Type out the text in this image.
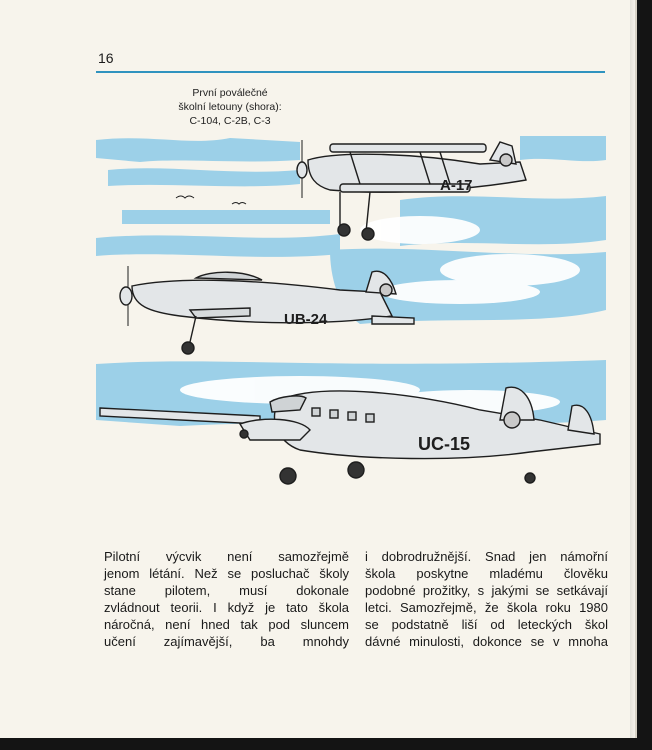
16
První poválečné
školní letouny (shora):
C-104, C-2B, C-3
A-17
UB-24
UC-15
Pilotní výcvik není samozřejmě
jenom létání. Než se posluchač školy
stane pilotem, musí dokonale
zvládnout teorii. I když je tato škola
náročná, není hned tak pod sluncem
učení zajímavější, ba mnohdy
i dobrodružnější. Snad jen námořní
škola poskytne mladému člověku
podobné prožitky, s jakými se setkávají
letci. Samozřejmě, že škola roku 1980
se podstatně liší od leteckých škol
dávné minulosti, dokonce se v mnoha
